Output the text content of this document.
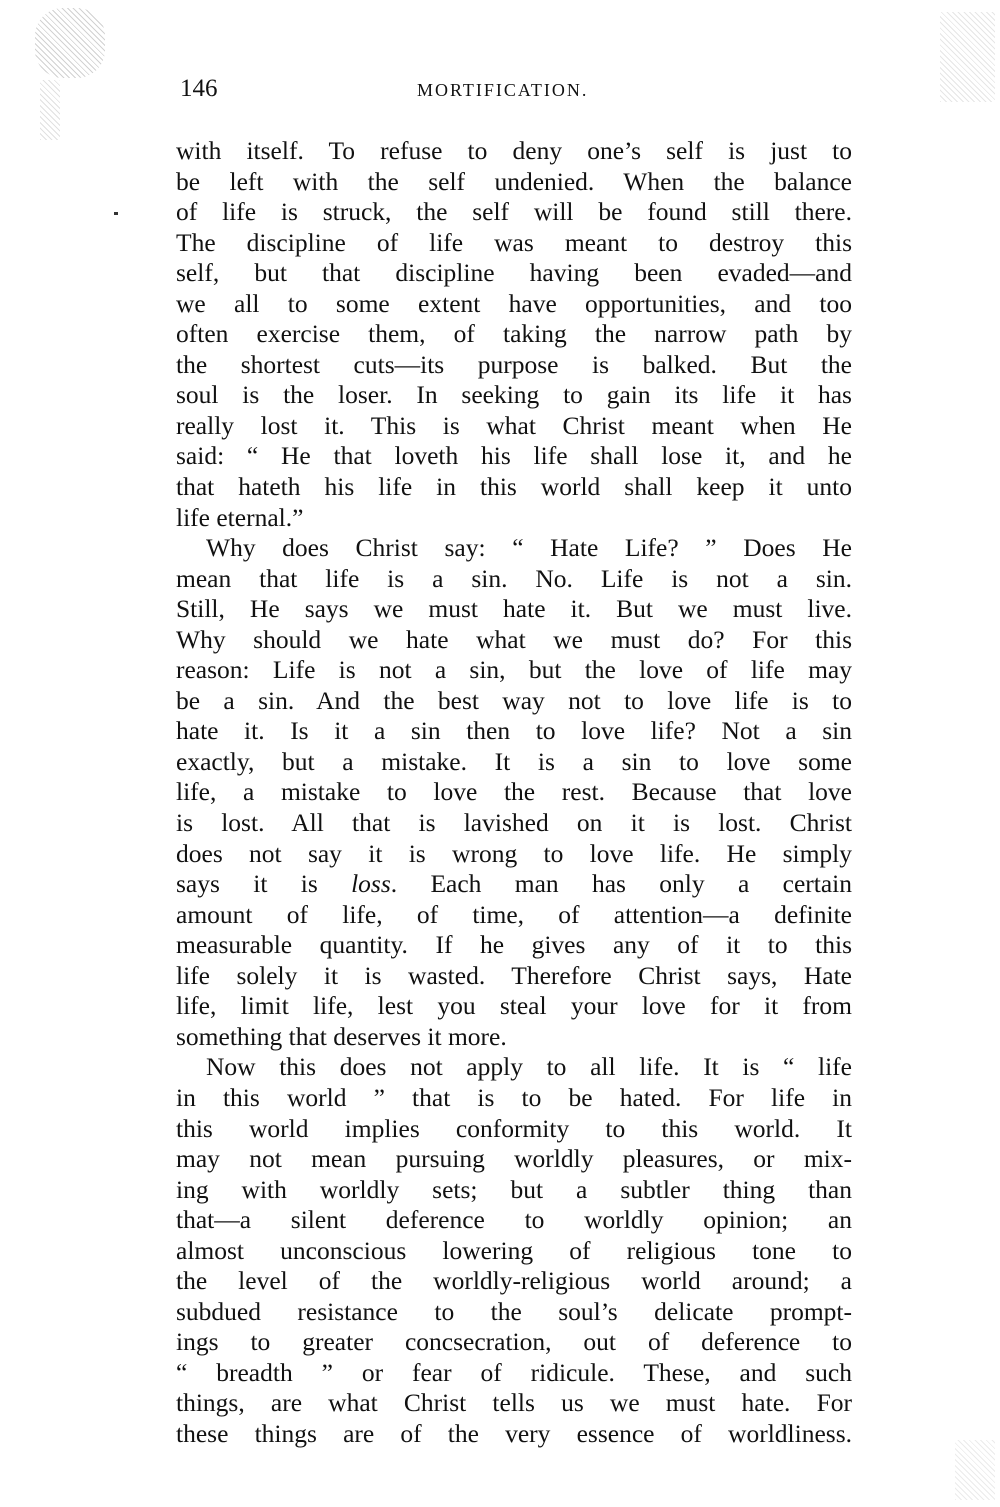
146	MORTIFICATION.
with itself. To refuse to deny one’s self is just to
be left with the self undenied. When the balance
of life is struck, the self will be found still there.
The discipline of life was meant to destroy this
self, but that discipline having been evaded—and
we all to some extent have opportunities, and too
often exercise them, of taking the narrow path by
the shortest cuts—its purpose is balked. But the
soul is the loser. In seeking to gain its life it has
really lost it. This is what Christ meant when He
said: “ He that loveth his life shall lose it, and he
that hateth his life in this world shall keep it unto
life eternal.”
Why does Christ say: “ Hate Life? ” Does He
mean that life is a sin. No. Life is not a sin.
Still, He says we must hate it. But we must live.
Why should we hate what we must do? For this
reason: Life is not a sin, but the love of life may
be a sin. And the best way not to love life is to
hate it. Is it a sin then to love life? Not a sin
exactly, but a mistake. It is a sin to love some
life, a mistake to love the rest. Because that love
is lost. All that is lavished on it is lost. Christ
does not say it is wrong to love life. He simply
says it is loss. Each man has only a certain
amount of life, of time, of attention—a definite
measurable quantity. If he gives any of it to this
life solely it is wasted. Therefore Christ says, Hate
life, limit life, lest you steal your love for it from
something that deserves it more.
Now this does not apply to all life. It is “ life
in this world ” that is to be hated. For life in
this world implies conformity to this world. It
may not mean pursuing worldly pleasures, or mix-
ing with worldly sets; but a subtler thing than
that—a silent deference to worldly opinion; an
almost unconscious lowering of religious tone to
the level of the worldly-religious world around; a
subdued resistance to the soul’s delicate prompt-
ings to greater concsecration, out of deference to
“ breadth ” or fear of ridicule. These, and such
things, are what Christ tells us we must hate. For
these things are of the very essence of worldliness.
